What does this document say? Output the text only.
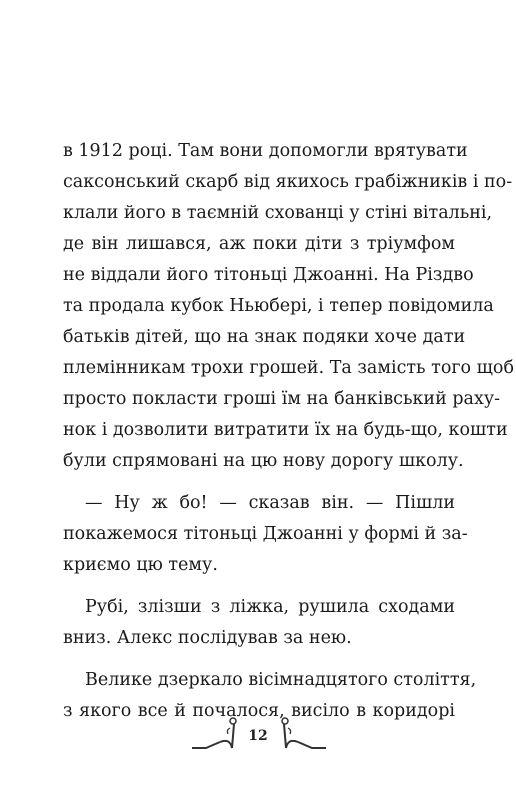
в 1912 році. Там вони допомогли врятувати
саксонський скарб від якихось грабіжників і по-
клали його в таємній схованці у стіні вітальні,
де він лишався, аж поки діти з тріумфом
не віддали його тітоньці Джоанні. На Різдво
та продала кубок Ньюбері, і тепер повідомила
батьків дітей, що на знак подяки хоче дати
племінникам трохи грошей. Та замість того щоб
просто покласти гроші їм на банківський раху-
нок і дозволити витратити їх на будь-що, кошти
були спрямовані на цю нову дорогу школу.
— Ну ж бо! — сказав він. — Пішли
покажемося тітоньці Джоанні у формі й за-
криємо цю тему.
Рубі, злізши з ліжка, рушила сходами
вниз. Алекс послідував за нею.
Велике дзеркало вісімнадцятого століття,
з якого все й почалося, висіло в коридорі
12
